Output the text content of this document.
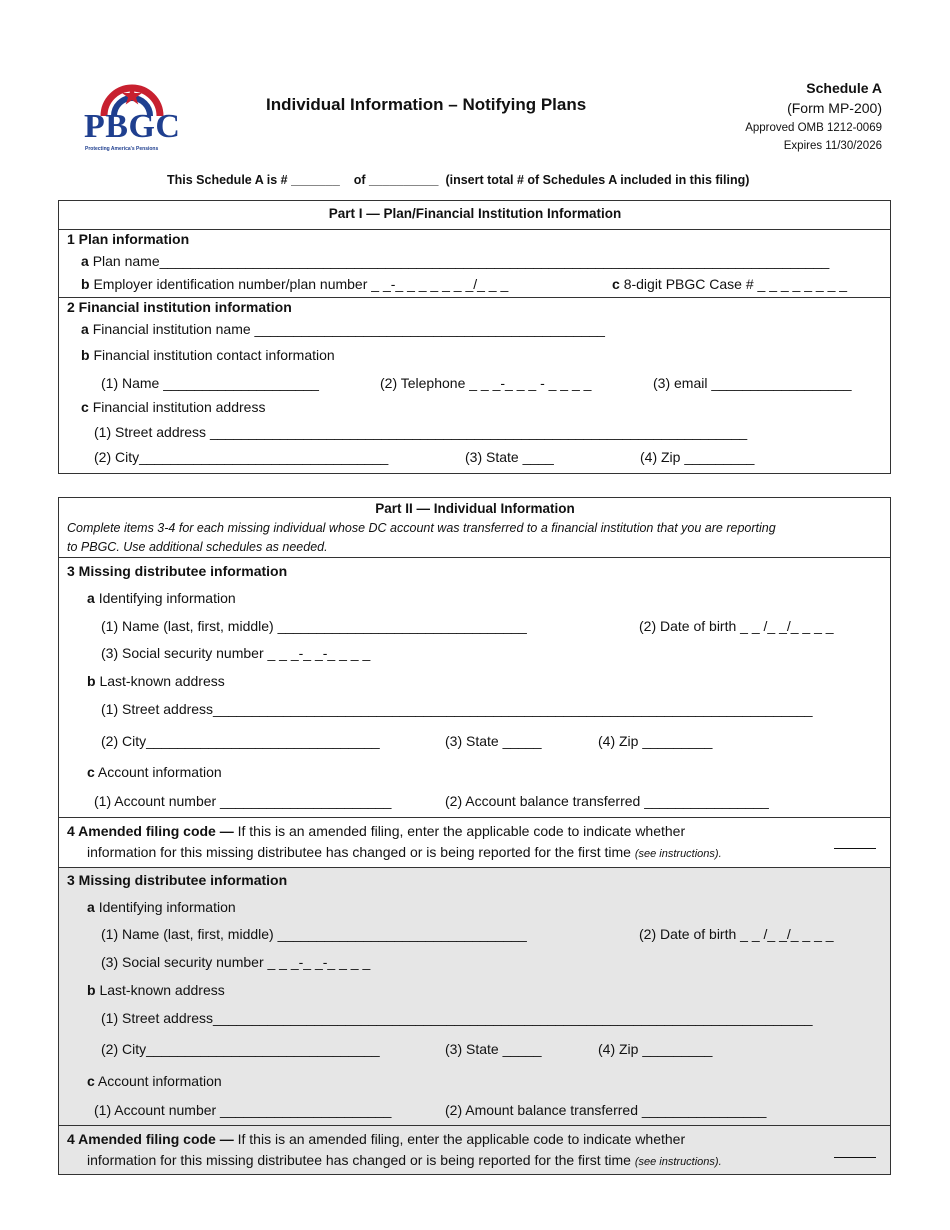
PBGC
Protecting America's Pensions
Individual Information – Notifying Plans
Schedule A
(Form MP-200)
Approved OMB 1212-0069
Expires 11/30/2026
This Schedule A is # _______ of __________ (insert total # of Schedules A included in this filing)
Part I — Plan/Financial Institution Information
1 Plan information
a Plan name______________________________________________________________________________________
b Employer identification number/plan number _ _-_ _ _ _ _ _ _/_ _ _	c 8-digit PBGC Case # _ _ _ _ _ _ _ _
2 Financial institution information
a Financial institution name _____________________________________________
b Financial institution contact information
(1) Name ____________________	(2) Telephone _ _ _-_ _ _ - _ _ _ _	(3) email __________________
c Financial institution address
(1) Street address _____________________________________________________________________
(2) City________________________________	(3) State ____	(4) Zip _________
Part II — Individual Information
Complete items 3-4 for each missing individual whose DC account was transferred to a financial institution that you are reporting
to PBGC. Use additional schedules as needed.
3 Missing distributee information
a Identifying information
(1) Name (last, first, middle) ________________________________	(2) Date of birth _ _ /_ _/_ _ _ _
(3) Social security number _ _ _-_ _-_ _ _ _
b Last-known address
(1) Street address_____________________________________________________________________________
(2) City______________________________	(3) State _____	(4) Zip _________
c Account information
(1) Account number ______________________	(2) Account balance transferred ________________
4 Amended filing code — If this is an amended filing, enter the applicable code to indicate whether
information for this missing distributee has changed or is being reported for the first time (see instructions).
3 Missing distributee information
a Identifying information
(1) Name (last, first, middle) ________________________________	(2) Date of birth _ _ /_ _/_ _ _ _
(3) Social security number _ _ _-_ _-_ _ _ _
b Last-known address
(1) Street address_____________________________________________________________________________
(2) City______________________________	(3) State _____	(4) Zip _________
c Account information
(1) Account number ______________________	(2) Amount balance transferred ________________
4 Amended filing code — If this is an amended filing, enter the applicable code to indicate whether
information for this missing distributee has changed or is being reported for the first time (see instructions).
